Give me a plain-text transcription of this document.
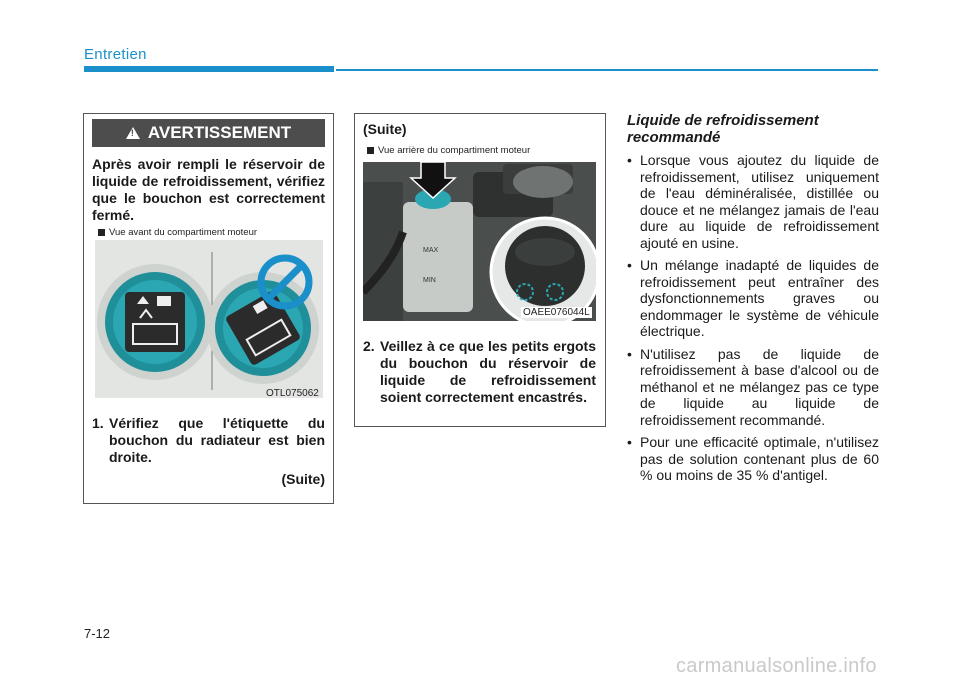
Entretien
!
AVERTISSEMENT
Après avoir rempli le réservoir de liquide de refroidissement, vérifiez que le bouchon est correctement fermé.
Vue avant du compartiment moteur
OTL075062
1. Vérifiez que l'étiquette du bouchon du radiateur est bien droite.
(Suite)
(Suite)
MAX
MIN
Vue arrière du compartiment moteur
OAEE076044L
2. Veillez à ce que les petits ergots du bouchon du réservoir de liquide de refroidissement soient correctement encastrés.
Liquide de refroidissement recommandé
• Lorsque vous ajoutez du liquide de refroidissement, utilisez uniquement de l'eau déminéralisée, distillée ou douce et ne mélangez jamais de l'eau dure au liquide de refroidissement ajouté en usine.
• Un mélange inadapté de liquides de refroidissement peut entraîner des dysfonctionnements graves ou endommager le système de véhicule électrique.
• N'utilisez pas de liquide de refroidissement à base d'alcool ou de méthanol et ne mélangez pas ce type de liquide au liquide de refroidissement recommandé.
• Pour une efficacité optimale, n'utilisez pas de solution contenant plus de 60 % ou moins de 35 % d'antigel.
7-12
carmanualsonline.info
